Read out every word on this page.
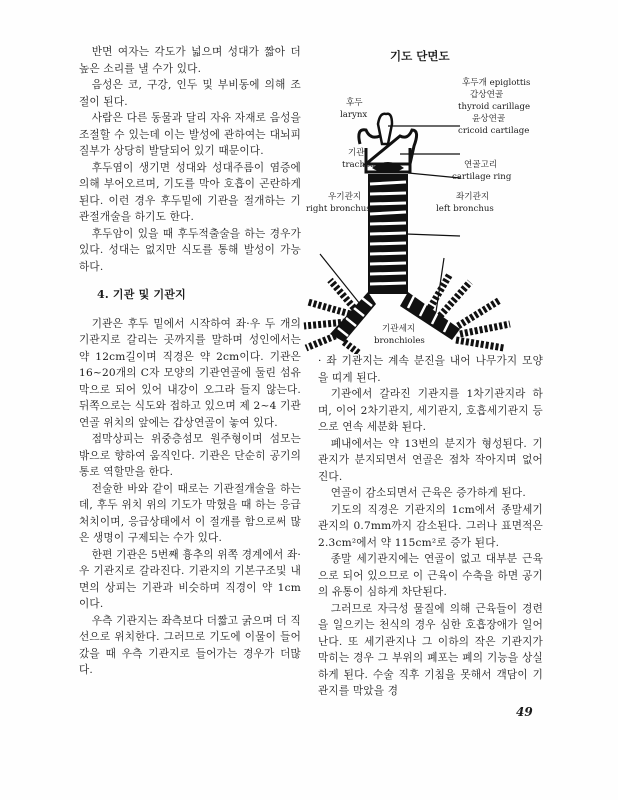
반면 여자는 각도가 넓으며 성대가 짧아 더 높은 소리를 낼 수가 있다.

음성은 코, 구강, 인두 및 부비동에 의해 조절이 된다.

사람은 다른 동물과 달리 자유 자재로 음성을 조절할 수 있는데 이는 발성에 관하여는 대뇌피질부가 상당히 발달되어 있기 때문이다.

후두염이 생기면 성대와 성대주름이 염증에 의해 부어오르며, 기도를 막아 호흡이 곤란하게 된다. 이런 경우 후두밑에 기관을 절개하는 기관절개술을 하기도 한다.

후두암이 있을 때 후두적출술을 하는 경우가 있다. 성대는 없지만 식도를 통해 발성이 가능하다.

4. 기관 및 기관지

기관은 후두 밑에서 시작하여 좌·우 두 개의 기관지로 갈리는 곳까지를 말하며 성인에서는 약 12cm길이며 직경은 약 2cm이다. 기관은 16~20개의 C자 모양의 기관연골에 둘린 섬유막으로 되어 있어 내강이 오그라 들지 않는다. 뒤쪽으로는 식도와 접하고 있으며 제 2~4 기관연골 위치의 앞에는 갑상연골이 놓여 있다.

점막상피는 위중층섬모 원주형이며 섬모는 밖으로 향하여 움직인다. 기관은 단순히 공기의 통로 역할만을 한다.

전술한 바와 같이 때로는 기관절개술을 하는데, 후두 위치 위의 기도가 막혔을 때 하는 응급처치이며, 응급상태에서 이 절개를 함으로써 많은 생명이 구제되는 수가 있다.

한편 기관은 5번째 흉추의 위쪽 경계에서 좌·우 기관지로 갈라진다. 기관지의 기본구조및 내면의 상피는 기관과 비슷하며 직경이 약 1cm이다.

우측 기관지는 좌측보다 더짧고 굵으며 더 직선으로 위치한다. 그러므로 기도에 이물이 들어 갔을 때 우측 기관지로 들어가는 경우가 더많다.

기도 단면도
후두개 epiglottis
갑상연골
thyroid carillage
윤상연골
cricoid cartilage
후두
larynx
기관
trachea	연골고리
cartilage ring
우기관지
right bronchus
좌기관지
left bronchus
기관세지
bronchioles

· 좌 기관지는 계속 분진을 내어 나무가지 모양을 띠게 된다.

기관에서 갈라진 기관지를 1차기관지라 하며, 이어 2차기관지, 세기관지, 호흡세기관지 등으로 연속 세분화 된다.

폐내에서는 약 13번의 분지가 형성된다. 기관지가 분지되면서 연골은 점차 작아지며 없어진다.

연골이 감소되면서 근육은 증가하게 된다.

기도의 직경은 기관지의 1cm에서 종말세기관지의 0.7mm까지 감소된다. 그러나 표면적은 2.3cm²에서 약 115cm²로 증가 된다.

종말 세기관지에는 연골이 없고 대부분 근육으로 되어 있으므로 이 근육이 수축을 하면 공기의 유통이 심하게 차단된다.

그러므로 자극성 물질에 의해 근육들이 경련을 일으키는 천식의 경우 심한 호흡장애가 일어난다. 또 세기관지나 그 이하의 작은 기관지가 막히는 경우 그 부위의 폐포는 폐의 기능을 상실하게 된다. 수술 직후 기침을 못해서 객담이 기관지를 막았을 경

49
